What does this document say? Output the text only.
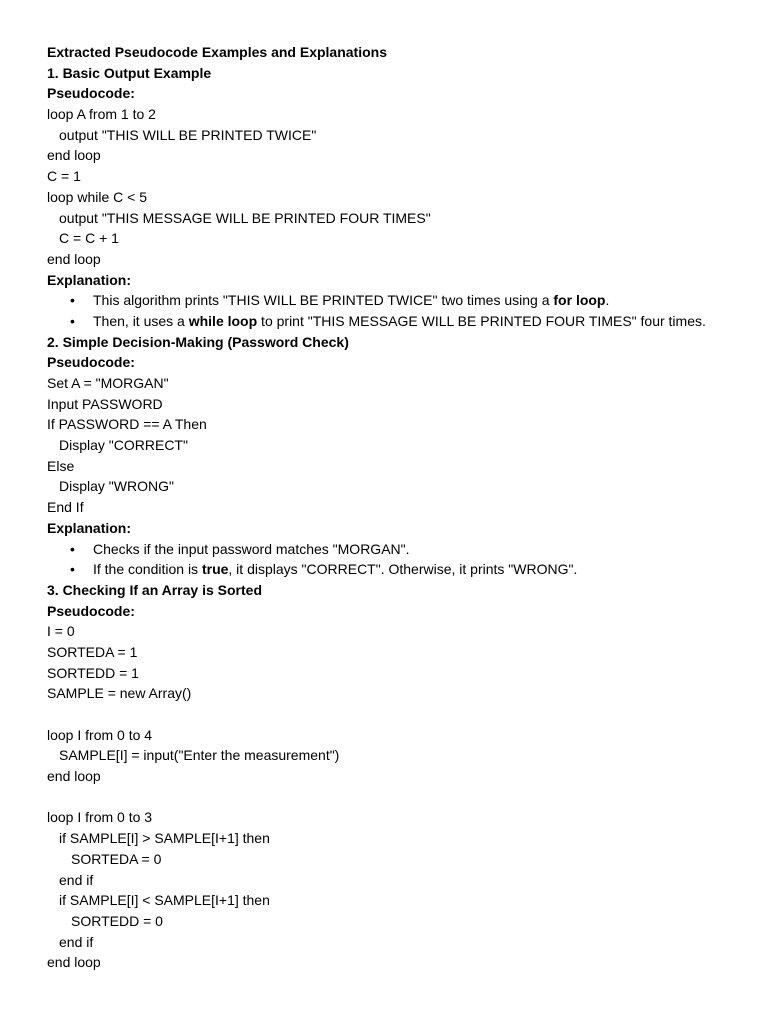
Extracted Pseudocode Examples and Explanations
1. Basic Output Example
Pseudocode:
loop A from 1 to 2
output "THIS WILL BE PRINTED TWICE"
end loop
C = 1
loop while C < 5
output "THIS MESSAGE WILL BE PRINTED FOUR TIMES"
C = C + 1
end loop
Explanation:
• This algorithm prints "THIS WILL BE PRINTED TWICE" two times using a for loop.
• Then, it uses a while loop to print "THIS MESSAGE WILL BE PRINTED FOUR TIMES" four times.
2. Simple Decision-Making (Password Check)
Pseudocode:
Set A = "MORGAN"
Input PASSWORD
If PASSWORD == A Then
Display "CORRECT"
Else
Display "WRONG"
End If
Explanation:
• Checks if the input password matches "MORGAN".
• If the condition is true, it displays "CORRECT". Otherwise, it prints "WRONG".
3. Checking If an Array is Sorted
Pseudocode:
I = 0
SORTEDA = 1
SORTEDD = 1
SAMPLE = new Array()
loop I from 0 to 4
SAMPLE[I] = input("Enter the measurement")
end loop
loop I from 0 to 3
if SAMPLE[I] > SAMPLE[I+1] then
SORTEDA = 0
end if
if SAMPLE[I] < SAMPLE[I+1] then
SORTEDD = 0
end if
end loop
